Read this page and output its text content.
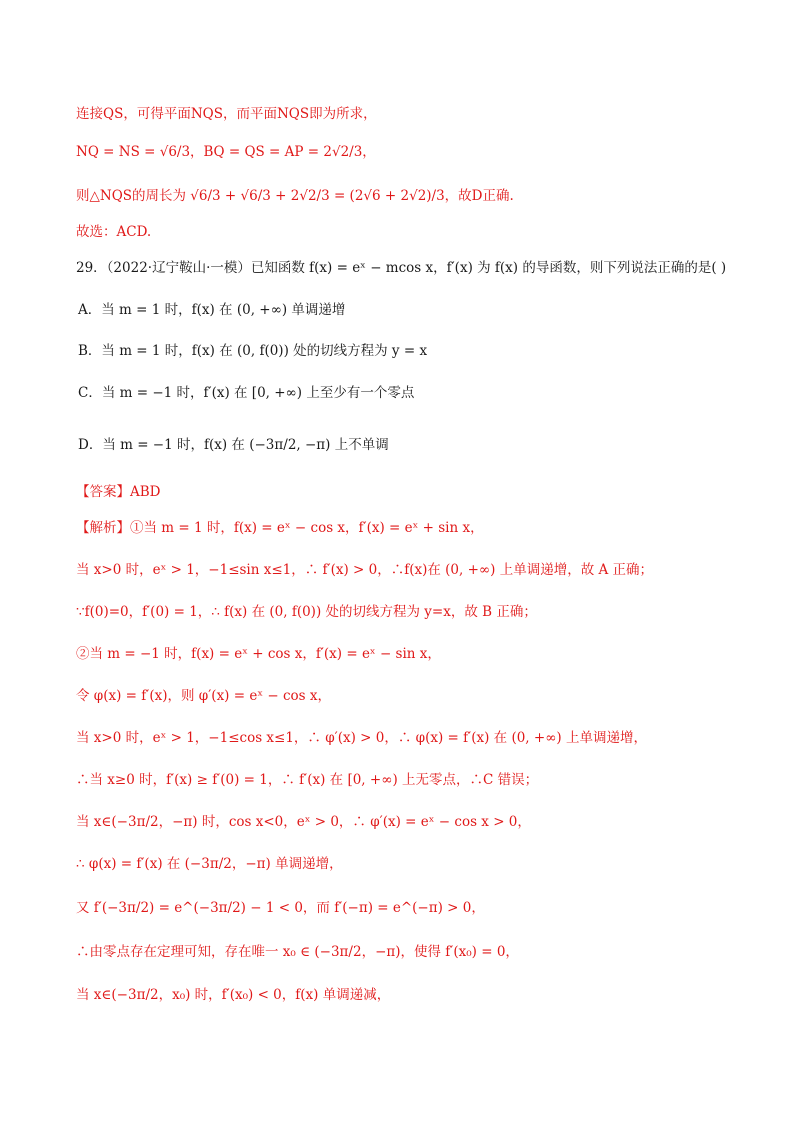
连接QS，可得平面NQS，而平面NQS即为所求，
NQ = NS = √6/3，BQ = QS = AP = 2√2/3，
则△NQS的周长为 √6/3 + √6/3 + 2√2/3 = (2√6 + 2√2)/3，故D正确.
故选：ACD.
29．（2022·辽宁鞍山·一模）已知函数 f(x) = eˣ − mcos x，f′(x) 为 f(x) 的导函数，则下列说法正确的是( )
A．当 m = 1 时，f(x) 在 (0, +∞) 单调递增
B．当 m = 1 时，f(x) 在 (0, f(0)) 处的切线方程为 y = x
C．当 m = −1 时，f′(x) 在 [0, +∞) 上至少有一个零点
D．当 m = −1 时，f(x) 在 (−3π/2, −π) 上不单调
【答案】ABD
【解析】①当 m = 1 时，f(x) = eˣ − cos x，f′(x) = eˣ + sin x，
当 x>0 时，eˣ > 1，−1≤sin x≤1，∴ f′(x) > 0，∴f(x)在 (0, +∞) 上单调递增，故 A 正确；
∵f(0)=0，f′(0) = 1，∴ f(x) 在 (0, f(0)) 处的切线方程为 y=x，故 B 正确；
②当 m = −1 时，f(x) = eˣ + cos x，f′(x) = eˣ − sin x，
令 φ(x) = f′(x)，则 φ′(x) = eˣ − cos x，
当 x>0 时，eˣ > 1，−1≤cos x≤1，∴ φ′(x) > 0，∴ φ(x) = f′(x) 在 (0, +∞) 上单调递增，
∴当 x≥0 时，f′(x) ≥ f′(0) = 1，∴ f′(x) 在 [0, +∞) 上无零点，∴C 错误；
当 x∈(−3π/2，−π) 时，cos x<0，eˣ > 0，∴ φ′(x) = eˣ − cos x > 0，
∴ φ(x) = f′(x) 在 (−3π/2，−π) 单调递增，
又 f′(−3π/2) = e^(−3π/2) − 1 < 0，而 f′(−π) = e^(−π) > 0，
∴由零点存在定理可知，存在唯一 x₀ ∈ (−3π/2，−π)，使得 f′(x₀) = 0，
当 x∈(−3π/2，x₀) 时，f′(x₀) < 0，f(x) 单调递减，
